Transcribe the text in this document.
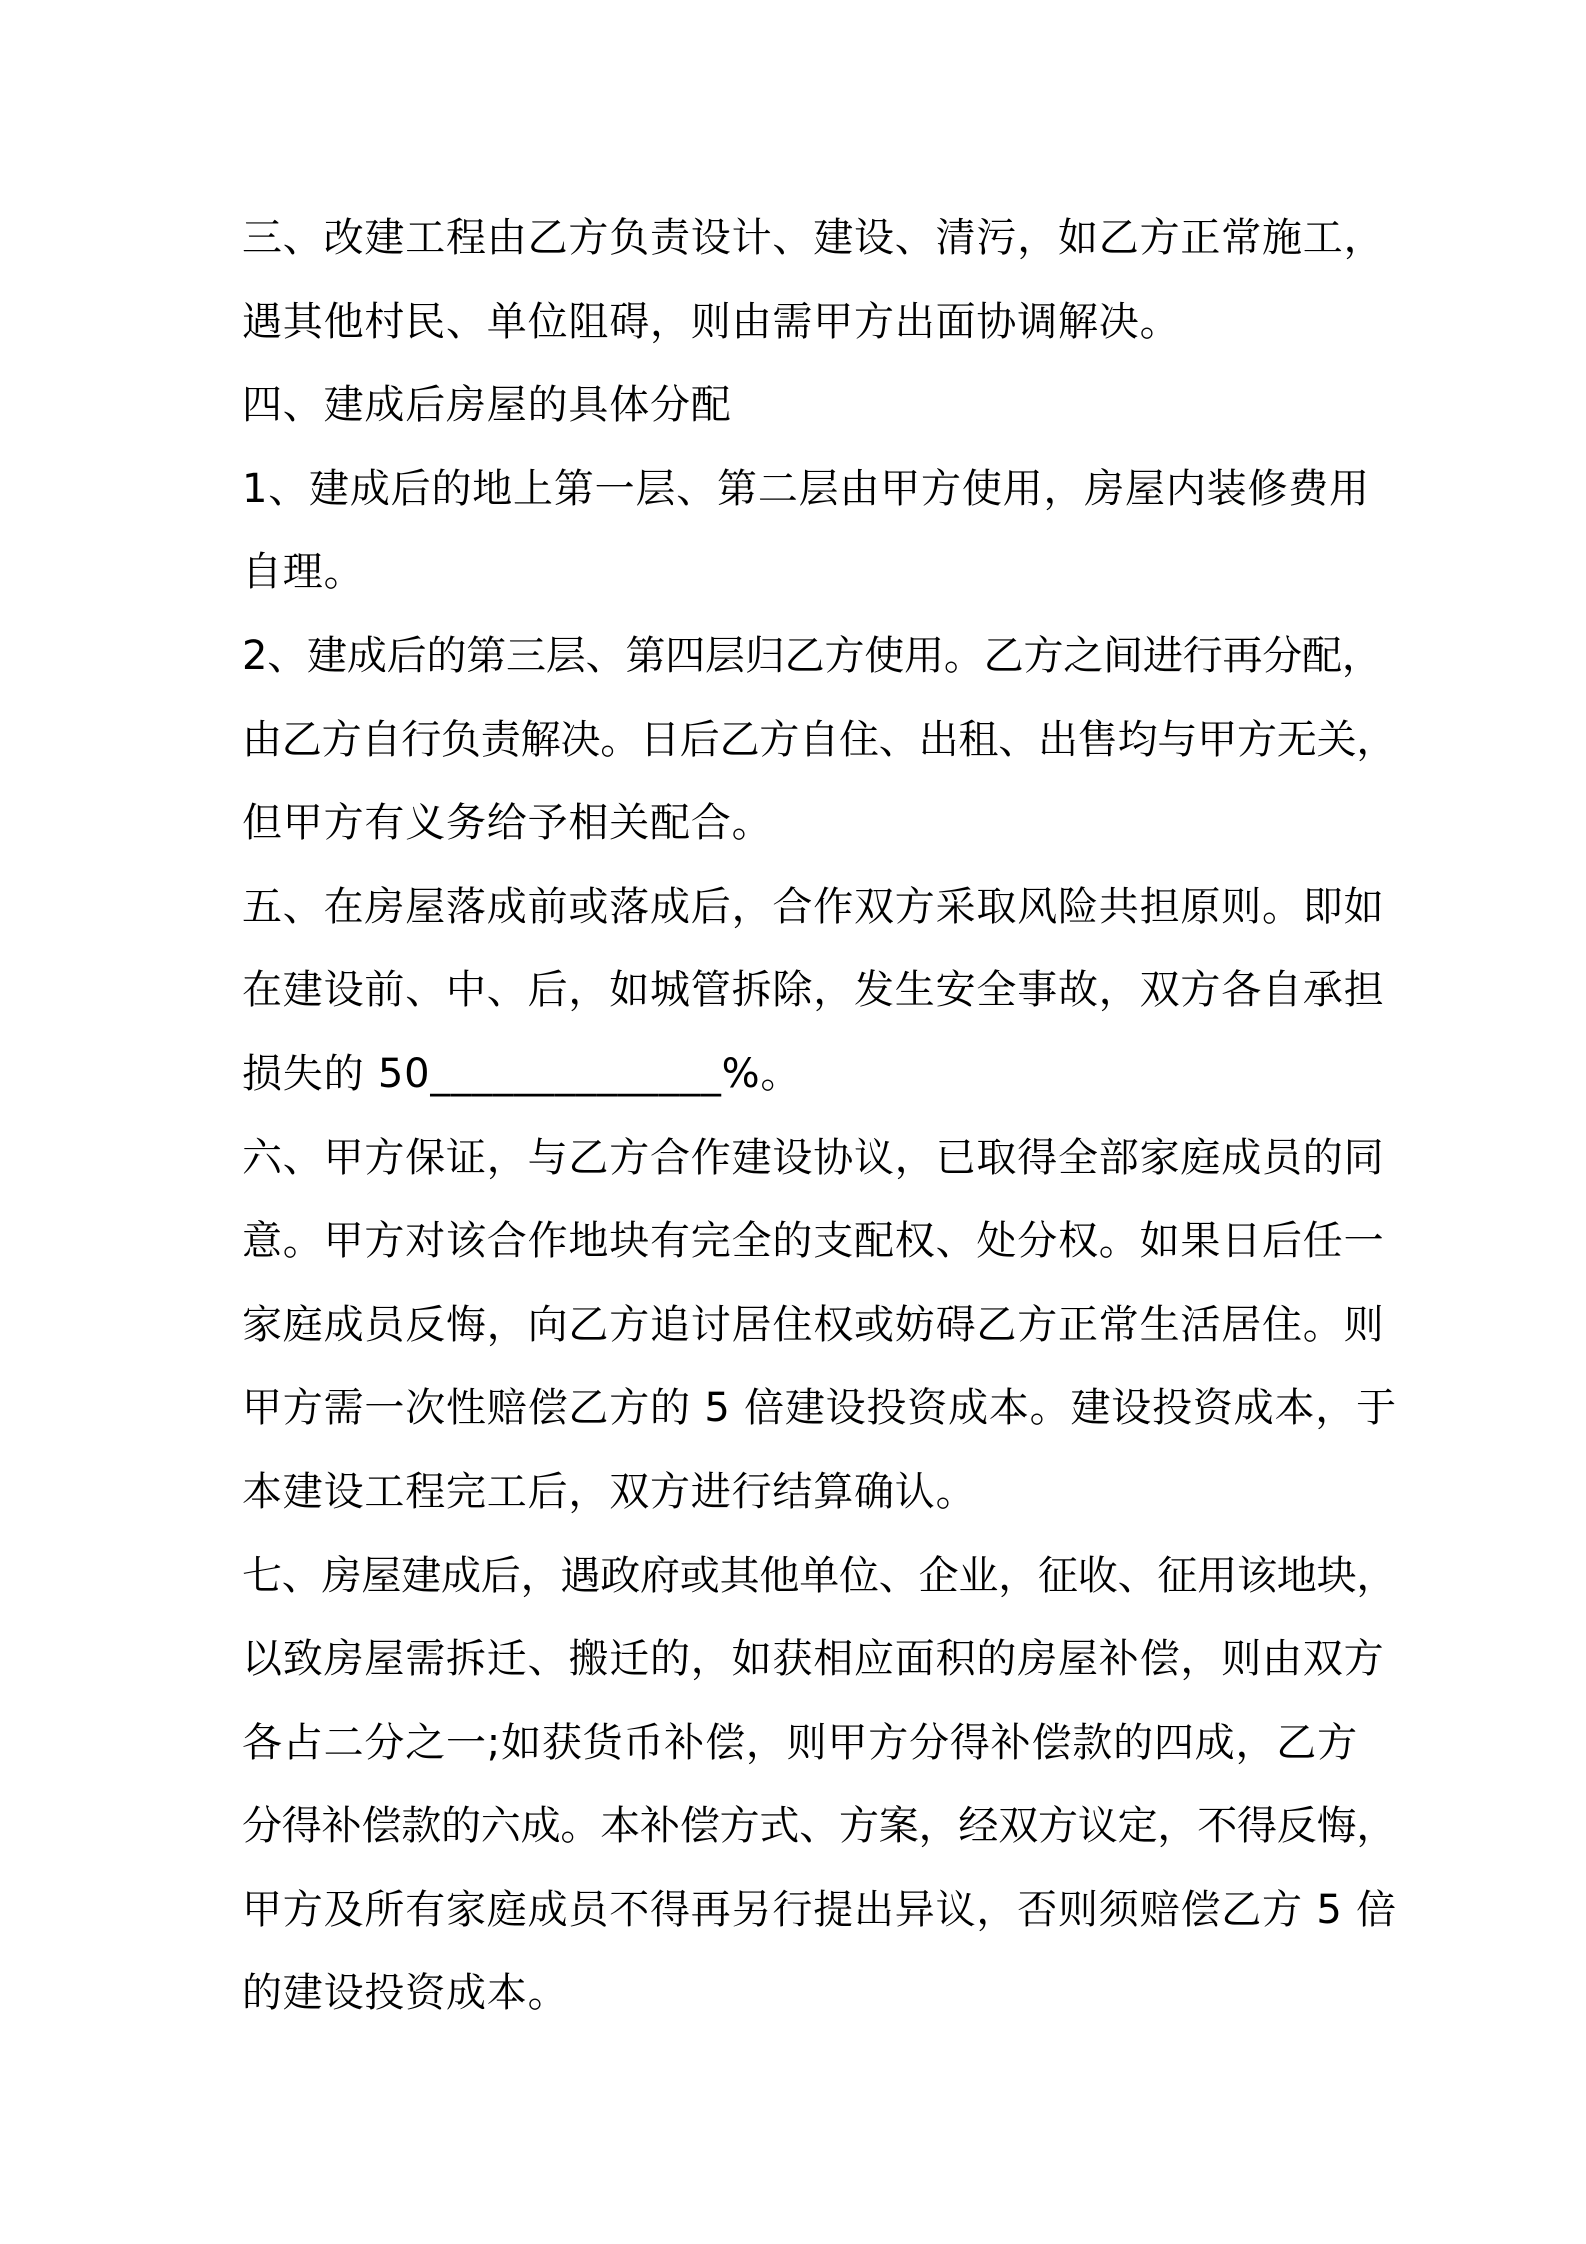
三、改建工程由乙方负责设计、建设、清污，如乙方正常施工，
遇其他村民、单位阻碍，则由需甲方出面协调解决。
四、建成后房屋的具体分配
1、建成后的地上第一层、第二层由甲方使用，房屋内装修费用
自理。
2、建成后的第三层、第四层归乙方使用。乙方之间进行再分配，
由乙方自行负责解决。日后乙方自住、出租、出售均与甲方无关，
但甲方有义务给予相关配合。
五、在房屋落成前或落成后，合作双方采取风险共担原则。即如
在建设前、中、后，如城管拆除，发生安全事故，双方各自承担
损失的 50______________%。
六、甲方保证，与乙方合作建设协议，已取得全部家庭成员的同
意。甲方对该合作地块有完全的支配权、处分权。如果日后任一
家庭成员反悔，向乙方追讨居住权或妨碍乙方正常生活居住。则
甲方需一次性赔偿乙方的 5 倍建设投资成本。建设投资成本，于
本建设工程完工后，双方进行结算确认。
七、房屋建成后，遇政府或其他单位、企业，征收、征用该地块，
以致房屋需拆迁、搬迁的，如获相应面积的房屋补偿，则由双方
各占二分之一;如获货币补偿，则甲方分得补偿款的四成，乙方
分得补偿款的六成。本补偿方式、方案，经双方议定，不得反悔，
甲方及所有家庭成员不得再另行提出异议，否则须赔偿乙方 5 倍
的建设投资成本。
